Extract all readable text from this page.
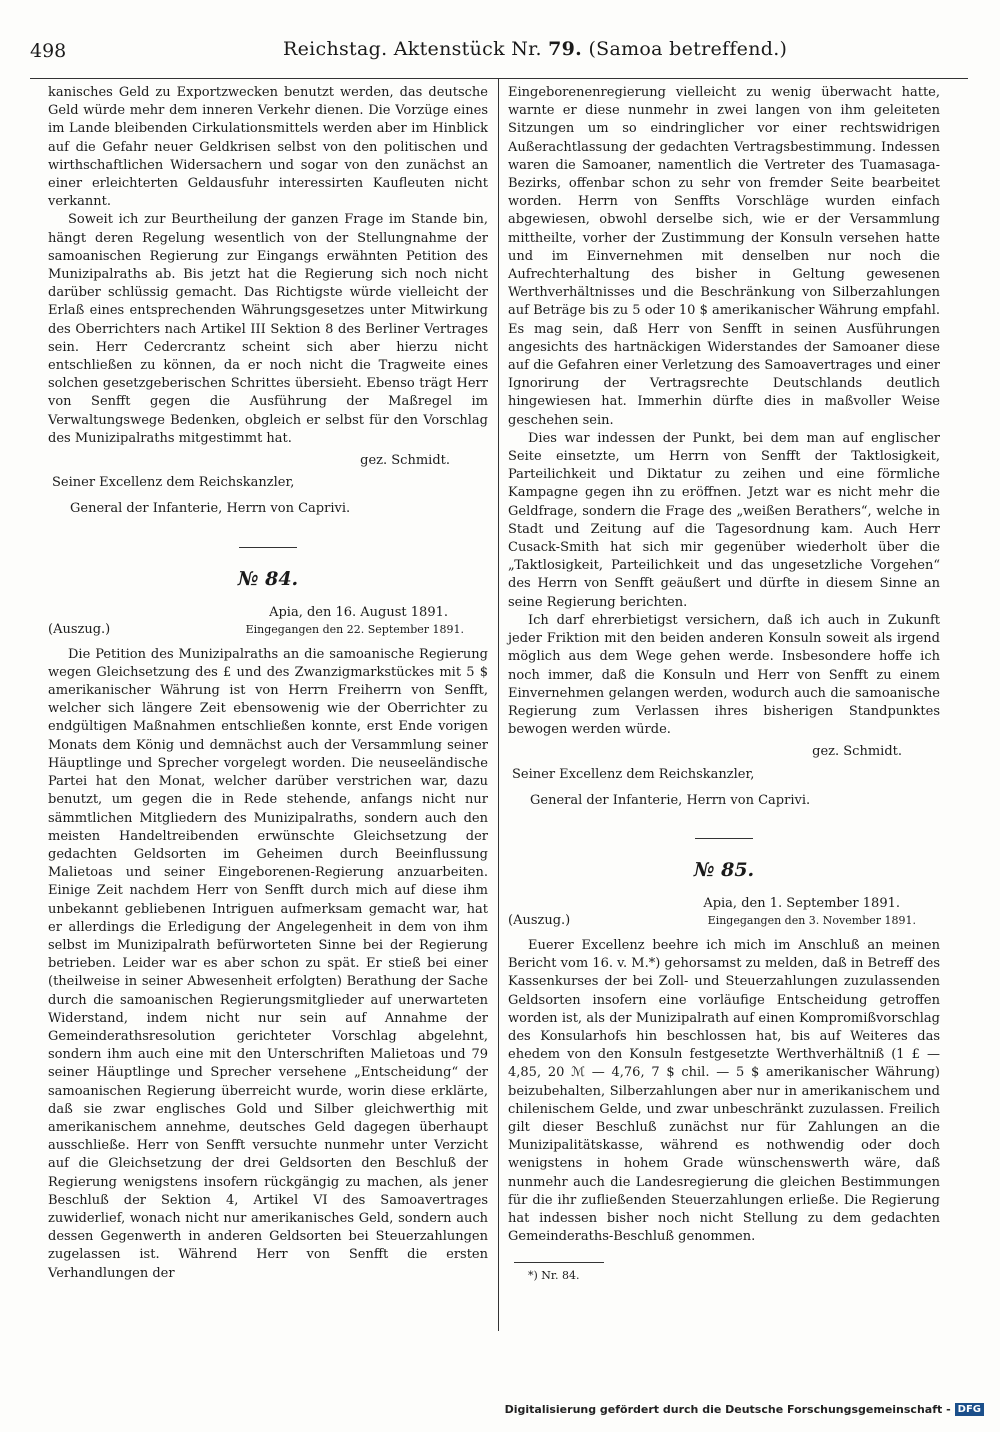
498	Reichstag. Aktenstück Nr. 79. (Samoa betreffend.)

kanisches Geld zu Exportzwecken benutzt werden, das deutsche Geld würde mehr dem inneren Verkehr dienen. Die Vorzüge eines im Lande bleibenden Cirkulationsmittels werden aber im Hinblick auf die Gefahr neuer Geldkrisen selbst von den politischen und wirthschaftlichen Widersachern und sogar von den zunächst an einer erleichterten Geldausfuhr interessirten Kaufleuten nicht verkannt.

Soweit ich zur Beurtheilung der ganzen Frage im Stande bin, hängt deren Regelung wesentlich von der Stellungnahme der samoanischen Regierung zur Eingangs erwähnten Petition des Munizipalraths ab. Bis jetzt hat die Regierung sich noch nicht darüber schlüssig gemacht. Das Richtigste würde vielleicht der Erlaß eines entsprechenden Währungsgesetzes unter Mitwirkung des Oberrichters nach Artikel III Sektion 8 des Berliner Vertrages sein. Herr Cedercrantz scheint sich aber hierzu nicht entschließen zu können, da er noch nicht die Tragweite eines solchen gesetzgeberischen Schrittes übersieht. Ebenso trägt Herr von Senfft gegen die Ausführung der Maßregel im Verwaltungswege Bedenken, obgleich er selbst für den Vorschlag des Munizipalraths mitgestimmt hat.

gez. Schmidt.

Seiner Excellenz dem Reichskanzler,

General der Infanterie, Herrn von Caprivi.

№ 84.

Apia, den 16. August 1891.

(Auszug.)	Eingegangen den 22. September 1891.

Die Petition des Munizipalraths an die samoanische Regierung wegen Gleichsetzung des £ und des Zwanzigmarkstückes mit 5 $ amerikanischer Währung ist von Herrn Freiherrn von Senfft, welcher sich längere Zeit ebensowenig wie der Oberrichter zu endgültigen Maßnahmen entschließen konnte, erst Ende vorigen Monats dem König und demnächst auch der Versammlung seiner Häuptlinge und Sprecher vorgelegt worden. Die neuseeländische Partei hat den Monat, welcher darüber verstrichen war, dazu benutzt, um gegen die in Rede stehende, anfangs nicht nur sämmtlichen Mitgliedern des Munizipalraths, sondern auch den meisten Handeltreibenden erwünschte Gleichsetzung der gedachten Geldsorten im Geheimen durch Beeinflussung Malietoas und seiner Eingeborenen-Regierung anzuarbeiten. Einige Zeit nachdem Herr von Senfft durch mich auf diese ihm unbekannt gebliebenen Intriguen aufmerksam gemacht war, hat er allerdings die Erledigung der Angelegenheit in dem von ihm selbst im Munizipalrath befürworteten Sinne bei der Regierung betrieben. Leider war es aber schon zu spät. Er stieß bei einer (theilweise in seiner Abwesenheit erfolgten) Berathung der Sache durch die samoanischen Regierungsmitglieder auf unerwarteten Widerstand, indem nicht nur sein auf Annahme der Gemeinderathsresolution gerichteter Vorschlag abgelehnt, sondern ihm auch eine mit den Unterschriften Malietoas und 79 seiner Häuptlinge und Sprecher versehene „Entscheidung“ der samoanischen Regierung überreicht wurde, worin diese erklärte, daß sie zwar englisches Gold und Silber gleichwerthig mit amerikanischem annehme, deutsches Geld dagegen überhaupt ausschließe. Herr von Senfft versuchte nunmehr unter Verzicht auf die Gleichsetzung der drei Geldsorten den Beschluß der Regierung wenigstens insofern rückgängig zu machen, als jener Beschluß der Sektion 4, Artikel VI des Samoavertrages zuwiderlief, wonach nicht nur amerikanisches Geld, sondern auch dessen Gegenwerth in anderen Geldsorten bei Steuerzahlungen zugelassen ist. Während Herr von Senfft die ersten Verhandlungen der

Eingeborenenregierung vielleicht zu wenig überwacht hatte, warnte er diese nunmehr in zwei langen von ihm geleiteten Sitzungen um so eindringlicher vor einer rechtswidrigen Außerachtlassung der gedachten Vertragsbestimmung. Indessen waren die Samoaner, namentlich die Vertreter des Tuamasaga-Bezirks, offenbar schon zu sehr von fremder Seite bearbeitet worden. Herrn von Senffts Vorschläge wurden einfach abgewiesen, obwohl derselbe sich, wie er der Versammlung mittheilte, vorher der Zustimmung der Konsuln versehen hatte und im Einvernehmen mit denselben nur noch die Aufrechterhaltung des bisher in Geltung gewesenen Werthverhältnisses und die Beschränkung von Silberzahlungen auf Beträge bis zu 5 oder 10 $ amerikanischer Währung empfahl. Es mag sein, daß Herr von Senfft in seinen Ausführungen angesichts des hartnäckigen Widerstandes der Samoaner diese auf die Gefahren einer Verletzung des Samoavertrages und einer Ignorirung der Vertragsrechte Deutschlands deutlich hingewiesen hat. Immerhin dürfte dies in maßvoller Weise geschehen sein.

Dies war indessen der Punkt, bei dem man auf englischer Seite einsetzte, um Herrn von Senfft der Taktlosigkeit, Parteilichkeit und Diktatur zu zeihen und eine förmliche Kampagne gegen ihn zu eröffnen. Jetzt war es nicht mehr die Geldfrage, sondern die Frage des „weißen Berathers“, welche in Stadt und Zeitung auf die Tagesordnung kam. Auch Herr Cusack-Smith hat sich mir gegenüber wiederholt über die „Taktlosigkeit, Parteilichkeit und das ungesetzliche Vorgehen“ des Herrn von Senfft geäußert und dürfte in diesem Sinne an seine Regierung berichten.

Ich darf ehrerbietigst versichern, daß ich auch in Zukunft jeder Friktion mit den beiden anderen Konsuln soweit als irgend möglich aus dem Wege gehen werde. Insbesondere hoffe ich noch immer, daß die Konsuln und Herr von Senfft zu einem Einvernehmen gelangen werden, wodurch auch die samoanische Regierung zum Verlassen ihres bisherigen Standpunktes bewogen werden würde.

gez. Schmidt.

Seiner Excellenz dem Reichskanzler,

General der Infanterie, Herrn von Caprivi.

№ 85.

Apia, den 1. September 1891.

(Auszug.)	Eingegangen den 3. November 1891.

Euerer Excellenz beehre ich mich im Anschluß an meinen Bericht vom 16. v. M.*) gehorsamst zu melden, daß in Betreff des Kassenkurses der bei Zoll- und Steuerzahlungen zuzulassenden Geldsorten insofern eine vorläufige Entscheidung getroffen worden ist, als der Munizipalrath auf einen Kompromißvorschlag des Konsularhofs hin beschlossen hat, bis auf Weiteres das ehedem von den Konsuln festgesetzte Werthverhältniß (1 £ — 4,85, 20 ℳ — 4,76, 7 $ chil. — 5 $ amerikanischer Währung) beizubehalten, Silberzahlungen aber nur in amerikanischem und chilenischem Gelde, und zwar unbeschränkt zuzulassen. Freilich gilt dieser Beschluß zunächst nur für Zahlungen an die Munizipalitätskasse, während es nothwendig oder doch wenigstens in hohem Grade wünschenswerth wäre, daß nunmehr auch die Landesregierung die gleichen Bestimmungen für die ihr zufließenden Steuerzahlungen erließe. Die Regierung hat indessen bisher noch nicht Stellung zu dem gedachten Gemeinderaths-Beschluß genommen.

*) Nr. 84.

Digitalisierung gefördert durch die Deutsche Forschungsgemeinschaft - DFG
